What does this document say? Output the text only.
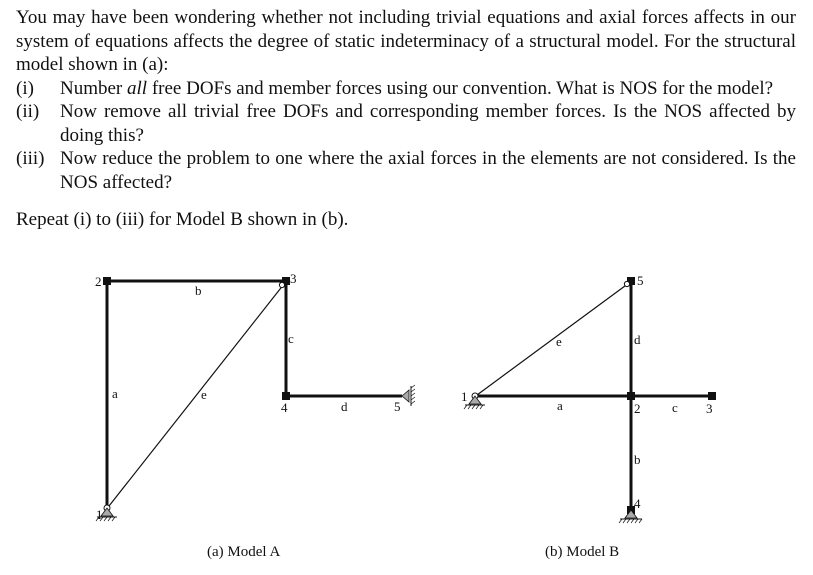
You may have been wondering whether not including trivial equations and axial forces affects in our system of equations affects the degree of static indeterminacy of a structural model. For the structural model shown in (a):

(i)	Number all free DOFs and member forces using our convention. What is NOS for the model?
(ii)	Now remove all trivial free DOFs and corresponding member forces. Is the NOS affected by doing this?
(iii) Now reduce the problem to one where the axial forces in the elements are not considered. Is the NOS affected?

Repeat (i) to (iii) for Model B shown in (b).

1
2	3
4	5
a
b
c
d
e
(a) Model A
1
2	3
4
5
a
b
c
d
e
(b) Model B
